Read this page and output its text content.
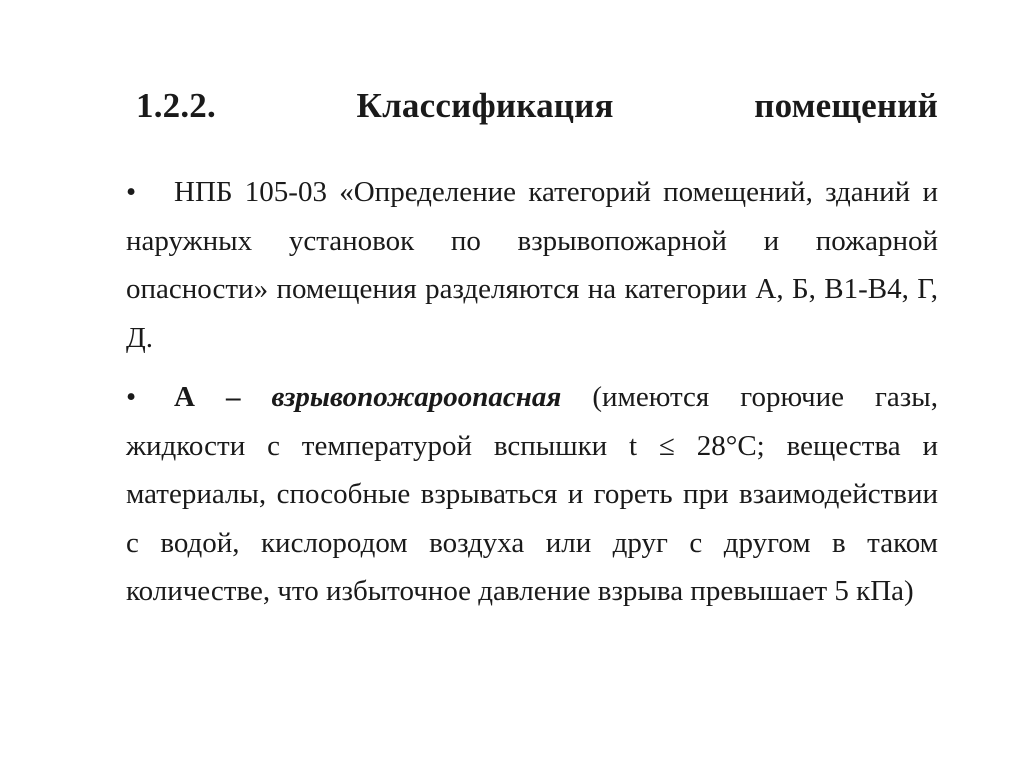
1.2.2.	Классификация	помещений

• НПБ 105-03 «Определение категорий помещений, зданий и наружных установок по взрывопожарной и пожарной опасности» помещения разделяются на категории А, Б, В1-В4, Г, Д.

• А – взрывопожароопасная (имеются горючие газы, жидкости с температурой вспышки t ≤ 28°С; вещества и материалы, способные взрываться и гореть при взаимодействии с водой, кислородом воздуха или друг с другом в таком количестве, что избыточное давление взрыва превышает 5 кПа)
